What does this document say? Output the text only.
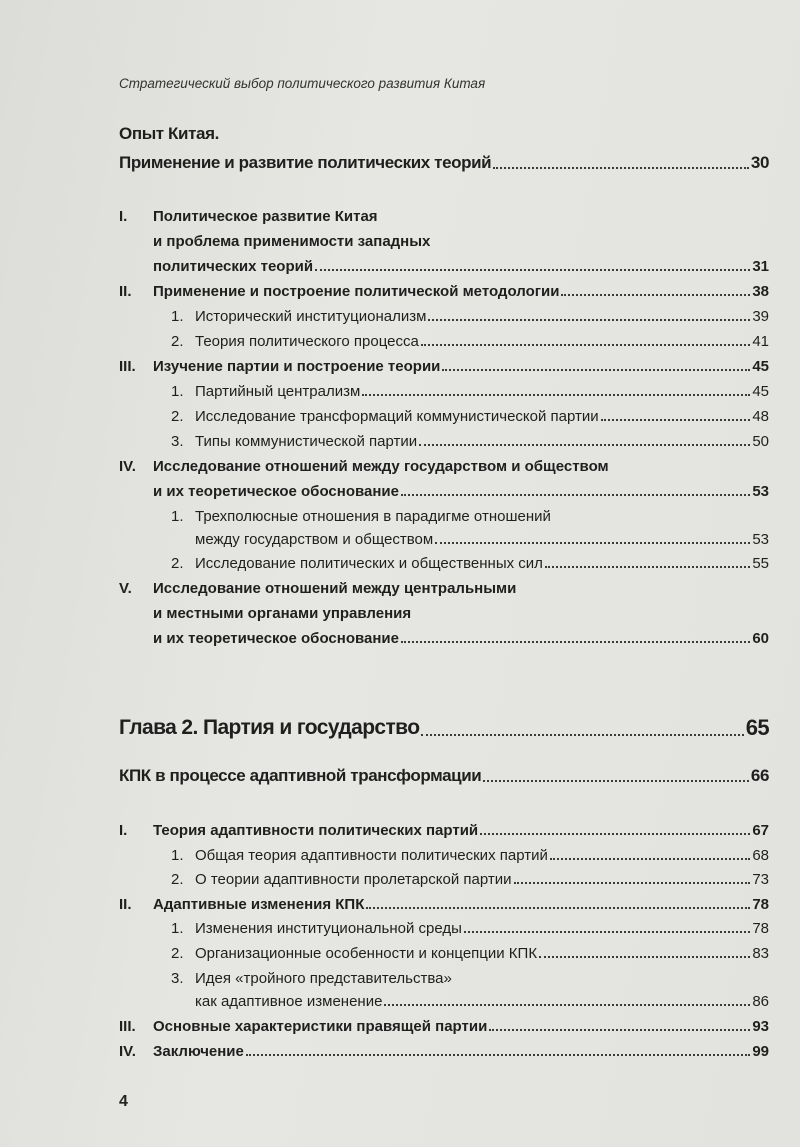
Стратегический выбор политического развития Китая
Опыт Китая.
Применение и развитие политических теорий	30
I.	Политическое развитие Китая
и проблема применимости западных
политических теорий	31
II.	Применение и построение политической методологии	38
1. Исторический институционализм	39
2. Теория политического процесса	41
III.	Изучение партии и построение теории	45
1. Партийный централизм	45
2. Исследование трансформаций коммунистической партии	48
3. Типы коммунистической партии	50
IV.	Исследование отношений между государством и обществом
и их теоретическое обоснование	53
1. Трехполюсные отношения в парадигме отношений
между государством и обществом	53
2. Исследование политических и общественных сил	55
V.	Исследование отношений между центральными
и местными органами управления
и их теоретическое обоснование	60
Глава 2. Партия и государство	65
КПК в процессе адаптивной трансформации	66
I.	Теория адаптивности политических партий	67
1. Общая теория адаптивности политических партий	68
2. О теории адаптивности пролетарской партии	73
II.	Адаптивные изменения КПК	78
1. Изменения институциональной среды	78
2. Организационные особенности и концепции КПК	83
3. Идея «тройного представительства»
как адаптивное изменение	86
III.	Основные характеристики правящей партии	93
IV.	Заключение	99
4
